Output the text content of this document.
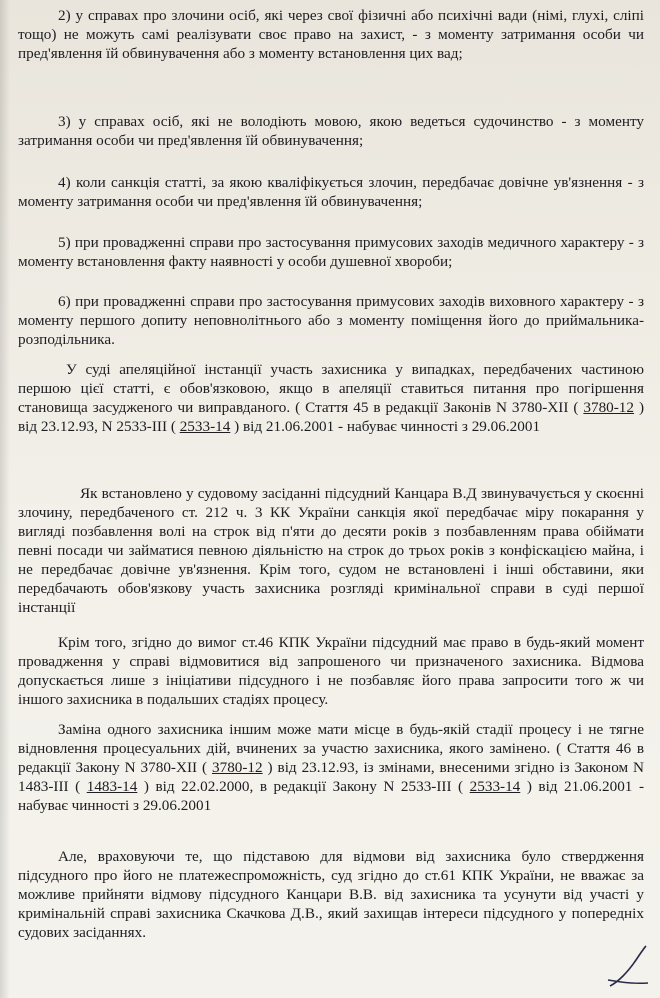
2) у справах про злочини осіб, які через свої фізичні або психічні вади (німі, глухі, сліпі тощо) не можуть самі реалізувати своє право на захист, - з моменту затримання особи чи пред'явлення їй обвинувачення або з моменту встановлення цих вад;

3) у справах осіб, які не володіють мовою, якою ведеться судочинство - з моменту затримання особи чи пред'явлення їй обвинувачення;

4) коли санкція статті, за якою кваліфікується злочин, передбачає довічне ув'язнення - з моменту затримання особи чи пред'явлення їй обвинувачення;

5) при провадженні справи про застосування примусових заходів медичного характеру - з моменту встановлення факту наявності у особи душевної хвороби;

6) при провадженні справи про застосування примусових заходів виховного характеру - з моменту першого допиту неповнолітнього або з моменту поміщення його до приймальника-розподільника.

У суді апеляційної інстанції участь захисника у випадках, передбачених частиною першою цієї статті, є обов'язковою, якщо в апеляції ставиться питання про погіршення становища засудженого чи виправданого. ( Стаття 45 в редакції Законів N 3780-XII ( 3780-12 ) від 23.12.93, N 2533-III ( 2533-14 ) від 21.06.2001 - набуває чинності з 29.06.2001

Як встановлено у судовому засіданні підсудний Канцара В.Д звинувачується у скоєнні злочину, передбаченого ст. 212 ч. 3 КК України санкція якої передбачає міру покарання у вигляді позбавлення волі на строк від п'яти до десяти років з позбавленням права обіймати певні посади чи займатися певною діяльністю на строк до трьох років з конфіскацією майна, і не передбачає довічне ув'язнення. Крім того, судом не встановлені і інші обставини, яки передбачають обов'язкову участь захисника розгляді кримінальної справи в суді першої інстанції

Крім того, згідно до вимог ст.46 КПК України підсудний має право в будь-який момент провадження у справі відмовитися від запрошеного чи призначеного захисника. Відмова допускається лише з ініціативи підсудного і не позбавляє його права запросити того ж чи іншого захисника в подальших стадіях процесу.

Заміна одного захисника іншим може мати місце в будь-якій стадії процесу і не тягне відновлення процесуальних дій, вчинених за участю захисника, якого замінено. ( Стаття 46 в редакції Закону N 3780-XII ( 3780-12 ) від 23.12.93, із змінами, внесеними згідно із Законом N 1483-III ( 1483-14 ) від 22.02.2000, в редакції Закону N 2533-III ( 2533-14 ) від 21.06.2001 - набуває чинності з 29.06.2001

Але, враховуючи те, що підставою для відмови від захисника було ствердження підсудного про його не платежеспроможність, суд згідно до ст.61 КПК України, не вважає за можливе прийняти відмову підсудного Канцари В.В. від захисника та усунути від участі у кримінальній справі захисника Скачкова Д.В., який захищав інтереси підсудного у попередніх судових засіданнях.
